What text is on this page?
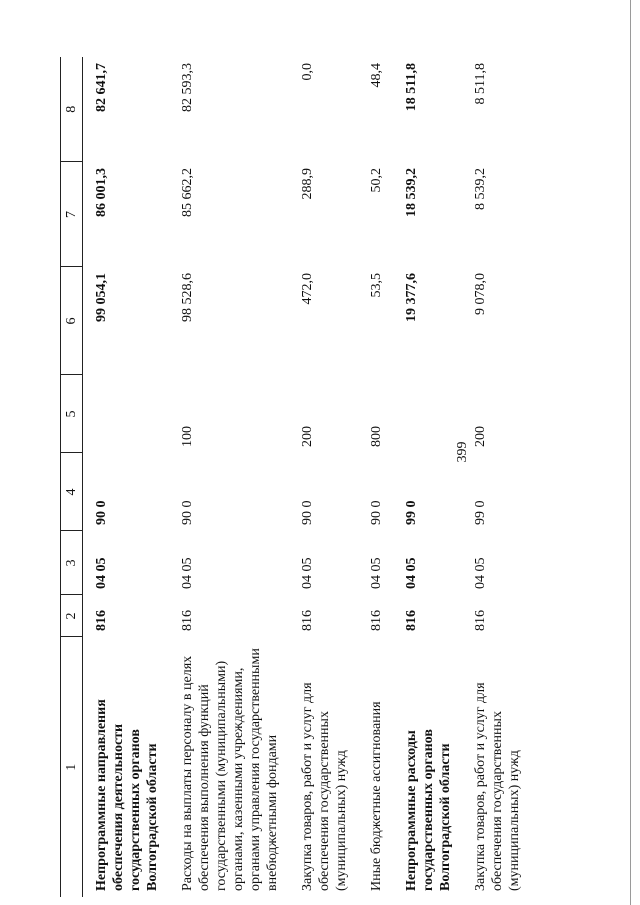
399
1	2	3	4	5	6	7	8
Непрограммные направления обеспечения деятельности государственных органов Волгоградской области	816	04 05	90 0		99 054,1	86 001,3	82 641,7
Расходы на выплаты персоналу в целях обеспечения выполнения функций государственными (муниципальными) органами, казенными учреждениями, органами управления государственными внебюджетными фондами	816	04 05	90 0	100	98 528,6	85 662,2	82 593,3
Закупка товаров, работ и услуг для обеспечения государственных (муниципальных) нужд	816	04 05	90 0	200	472,0	288,9	0,0
Иные бюджетные ассигнования	816	04 05	90 0	800	53,5	50,2	48,4
Непрограммные расходы государственных органов Волгоградской области	816	04 05	99 0		19 377,6	18 539,2	18 511,8
Закупка товаров, работ и услуг для обеспечения государственных (муниципальных) нужд	816	04 05	99 0	200	9 078,0	8 539,2	8 511,8
